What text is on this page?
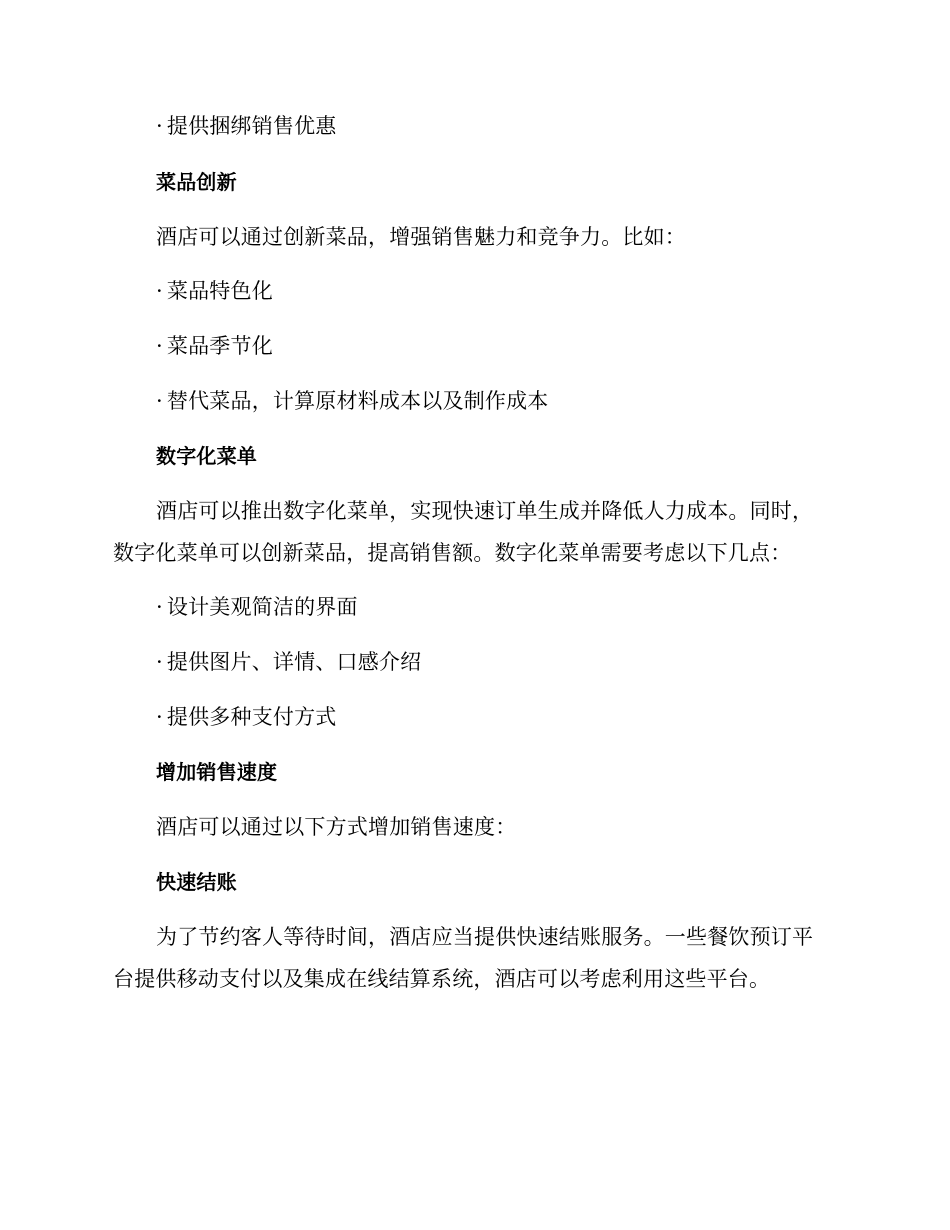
· 提供捆绑销售优惠
菜品创新
酒店可以通过创新菜品，增强销售魅力和竞争力。比如：
· 菜品特色化
· 菜品季节化
· 替代菜品，计算原材料成本以及制作成本
数字化菜单
酒店可以推出数字化菜单，实现快速订单生成并降低人力成本。同时，
数字化菜单可以创新菜品，提高销售额。数字化菜单需要考虑以下几点：
· 设计美观简洁的界面
· 提供图片、详情、口感介绍
· 提供多种支付方式
增加销售速度
酒店可以通过以下方式增加销售速度：
快速结账
为了节约客人等待时间，酒店应当提供快速结账服务。一些餐饮预订平
台提供移动支付以及集成在线结算系统，酒店可以考虑利用这些平台。
